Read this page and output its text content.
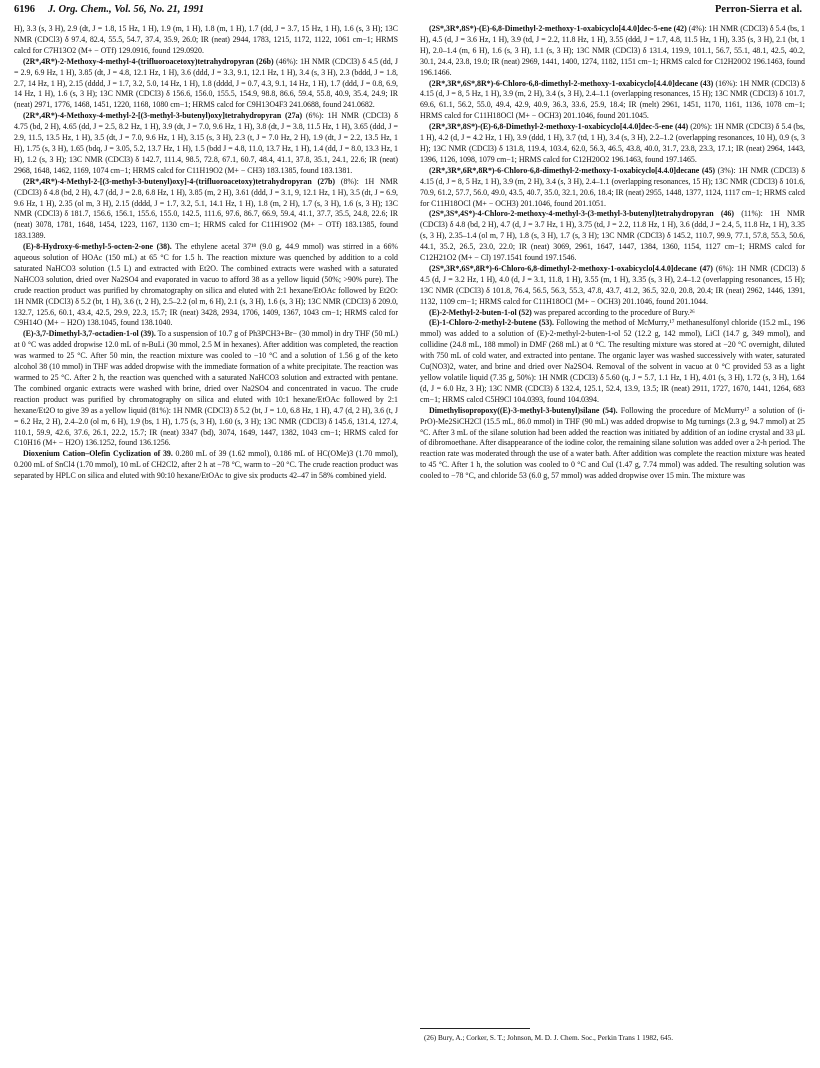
6196 J. Org. Chem., Vol. 56, No. 21, 1991	Perron-Sierra et al.

H), 3.3 (s, 3 H), 2.9 (dt, J = 1.8, 15 Hz, 1 H), 1.9 (m, 1 H), 1.8 (m, 1 H), 1.7 (dd, J = 3.7, 15 Hz, 1 H), 1.6 (s, 3 H); 13C NMR (CDCl3) δ 97.4, 82.4, 55.5, 54.7, 37.4, 35.9, 26.0; IR (neat) 2944, 1783, 1215, 1172, 1122, 1061 cm−1; HRMS calcd for C7H13O2 (M+ − OTf) 129.0916, found 129.0920.

(2R*,4R*)-2-Methoxy-4-methyl-4-(trifluoroacetoxy)tetrahydropyran (26b) (46%): 1H NMR (CDCl3) δ 4.5 (dd, J = 2.9, 6.9 Hz, 1 H), 3.85 (dt, J = 4.8, 12.1 Hz, 1 H), 3.6 (ddd, J = 3.3, 9.1, 12.1 Hz, 1 H), 3.4 (s, 3 H), 2.3 (bddd, J = 1.8, 2.7, 14 Hz, 1 H), 2.15 (dddd, J = 1.7, 3.2, 5.0, 14 Hz, 1 H), 1.8 (dddd, J = 0.7, 4.3, 9.1, 14 Hz, 1 H), 1.7 (ddd, J = 0.8, 6.9, 14 Hz, 1 H), 1.6 (s, 3 H); 13C NMR (CDCl3) δ 156.6, 156.0, 155.5, 154.9, 98.8, 86.6, 59.4, 55.8, 40.9, 35.4, 24.9; IR (neat) 2971, 1776, 1468, 1451, 1220, 1168, 1080 cm−1; HRMS calcd for C9H13O4F3 241.0688, found 241.0682.

(2R*,4R*)-4-Methoxy-4-methyl-2-[(3-methyl-3-butenyl)oxy]tetrahydropyran (27a) (6%): 1H NMR (CDCl3) δ 4.75 (bd, 2 H), 4.65 (dd, J = 2.5, 8.2 Hz, 1 H), 3.9 (dt, J = 7.0, 9.6 Hz, 1 H), 3.8 (dt, J = 3.8, 11.5 Hz, 1 H), 3.65 (ddd, J = 2.9, 11.5, 13.5 Hz, 1 H), 3.5 (dt, J = 7.0, 9.6 Hz, 1 H), 3.15 (s, 3 H), 2.3 (t, J = 7.0 Hz, 2 H), 1.9 (dt, J = 2.2, 13.5 Hz, 1 H), 1.75 (s, 3 H), 1.65 (bdq, J = 3.05, 5.2, 13.7 Hz, 1 H), 1.5 (bdd J = 4.8, 11.0, 13.7 Hz, 1 H), 1.4 (dd, J = 8.0, 13.3 Hz, 1 H), 1.2 (s, 3 H); 13C NMR (CDCl3) δ 142.7, 111.4, 98.5, 72.8, 67.1, 60.7, 48.4, 41.1, 37.8, 35.1, 24.1, 22.6; IR (neat) 2968, 1648, 1462, 1169, 1074 cm−1; HRMS calcd for C11H19O2 (M+ − CH3) 183.1385, found 183.1381.

(2R*,4R*)-4-Methyl-2-[(3-methyl-3-butenyl)oxy]-4-(trifluoroacetoxy)tetrahydropyran (27b) (8%): 1H NMR (CDCl3) δ 4.8 (bd, 2 H), 4.7 (dd, J = 2.8, 6.8 Hz, 1 H), 3.85 (m, 2 H), 3.61 (ddd, J = 3.1, 9, 12.1 Hz, 1 H), 3.5 (dt, J = 6.9, 9.6 Hz, 1 H), 2.35 (ol m, 3 H), 2.15 (dddd, J = 1.7, 3.2, 5.1, 14.1 Hz, 1 H), 1.8 (m, 2 H), 1.7 (s, 3 H), 1.6 (s, 3 H); 13C NMR (CDCl3) δ 181.7, 156.6, 156.1, 155.6, 155.0, 142.5, 111.6, 97.6, 86.7, 66.9, 59.4, 41.1, 37.7, 35.5, 24.8, 22.6; IR (neat) 3078, 1781, 1648, 1454, 1223, 1167, 1130 cm−1; HRMS calcd for C11H19O2 (M+ − OTf) 183.1385, found 183.1389.

(E)-8-Hydroxy-6-methyl-5-octen-2-one (38). The ethylene acetal 37¹⁸ (9.0 g, 44.9 mmol) was stirred in a 66% aqueous solution of HOAc (150 mL) at 65 °C for 1.5 h. The reaction mixture was quenched by addition to a cold saturated NaHCO3 solution (1.5 L) and extracted with Et2O. The combined extracts were washed with a saturated NaHCO3 solution, dried over Na2SO4 and evaporated in vacuo to afford 38 as a yellow liquid (50%; >90% pure). The crude reaction product was purified by chromatography on silica and eluted with 2:1 hexane/EtOAc followed by Et2O: 1H NMR (CDCl3) δ 5.2 (bt, 1 H), 3.6 (t, 2 H), 2.5–2.2 (ol m, 6 H), 2.1 (s, 3 H), 1.6 (s, 3 H); 13C NMR (CDCl3) δ 209.0, 132.7, 125.6, 60.1, 43.4, 42.5, 29.9, 22.3, 15.7; IR (neat) 3428, 2934, 1706, 1409, 1367, 1043 cm−1; HRMS calcd for C9H14O (M+ − H2O) 138.1045, found 138.1040.

(E)-3,7-Dimethyl-3,7-octadien-1-ol (39). To a suspension of 10.7 g of Ph3PCH3+Br− (30 mmol) in dry THF (50 mL) at 0 °C was added dropwise 12.0 mL of n-BuLi (30 mmol, 2.5 M in hexanes). After addition was completed, the reaction was warmed to 25 °C. After 50 min, the reaction mixture was cooled to −10 °C and a solution of 1.56 g of the keto alcohol 38 (10 mmol) in THF was added dropwise with the immediate formation of a white precipitate. The reaction was warmed to 25 °C. After 2 h, the reaction was quenched with a saturated NaHCO3 solution and extracted with pentane. The combined organic extracts were washed with brine, dried over Na2SO4 and concentrated in vacuo. The crude reaction product was purified by chromatography on silica and eluted with 10:1 hexane/EtOAc followed by 2:1 hexane/Et2O to give 39 as a yellow liquid (81%): 1H NMR (CDCl3) δ 5.2 (bt, J = 1.0, 6.8 Hz, 1 H), 4.7 (d, 2 H), 3.6 (t, J = 6.2 Hz, 2 H), 2.4–2.0 (ol m, 6 H), 1.9 (bs, 1 H), 1.75 (s, 3 H), 1.60 (s, 3 H); 13C NMR (CDCl3) δ 145.6, 131.4, 127.4, 110.1, 59.9, 42.6, 37.6, 26.1, 22.2, 15.7; IR (neat) 3347 (bd), 3074, 1649, 1447, 1382, 1043 cm−1; HRMS calcd for C10H16 (M+ − H2O) 136.1252, found 136.1256.

Dioxenium Cation–Olefin Cyclization of 39. 0.280 mL of 39 (1.62 mmol), 0.186 mL of HC(OMe)3 (1.70 mmol), 0.200 mL of SnCl4 (1.70 mmol), 10 mL of CH2Cl2, after 2 h at −78 °C, warm to −20 °C. The crude reaction product was separated by HPLC on silica and eluted with 90:10 hexane/EtOAc to give six products 42–47 in 58% combined yield.

(2S*,3R*,8S*)-(E)-6,8-Dimethyl-2-methoxy-1-oxabicyclo[4.4.0]dec-5-ene (42) (4%): 1H NMR (CDCl3) δ 5.4 (bs, 1 H), 4.5 (d, J = 3.6 Hz, 1 H), 3.9 (td, J = 2.2, 11.8 Hz, 1 H), 3.55 (ddd, J = 1.7, 4.8, 11.5 Hz, 1 H), 3.35 (s, 3 H), 2.1 (bt, 1 H), 2.0–1.4 (m, 6 H), 1.6 (s, 3 H), 1.1 (s, 3 H); 13C NMR (CDCl3) δ 131.4, 119.9, 101.1, 56.7, 55.1, 48.1, 42.5, 40.2, 30.1, 24.4, 23.8, 19.0; IR (neat) 2969, 1441, 1400, 1274, 1182, 1151 cm−1; HRMS calcd for C12H20O2 196.1463, found 196.1466.

(2R*,3R*,6S*,8R*)-6-Chloro-6,8-dimethyl-2-methoxy-1-oxabicyclo[4.4.0]decane (43) (16%): 1H NMR (CDCl3) δ 4.15 (d, J = 8, 5 Hz, 1 H), 3.9 (m, 2 H), 3.4 (s, 3 H), 2.4–1.1 (overlapping resonances, 15 H); 13C NMR (CDCl3) δ 101.7, 69.6, 61.1, 56.2, 55.0, 49.4, 42.9, 40.9, 36.3, 33.6, 25.9, 18.4; IR (melt) 2961, 1451, 1170, 1161, 1136, 1078 cm−1; HRMS calcd for C11H18OCl (M+ − OCH3) 201.1046, found 201.1045.

(2R*,3R*,8S*)-(E)-6,8-Dimethyl-2-methoxy-1-oxabicyclo[4.4.0]dec-5-ene (44) (20%): 1H NMR (CDCl3) δ 5.4 (bs, 1 H), 4.2 (d, J = 4.2 Hz, 1 H), 3.9 (ddd, 1 H), 3.7 (td, 1 H), 3.4 (s, 3 H), 2.2–1.2 (overlapping resonances, 10 H), 0.9 (s, 3 H); 13C NMR (CDCl3) δ 131.8, 119.4, 103.4, 62.0, 56.3, 46.5, 43.8, 40.0, 31.7, 23.8, 23.3, 17.1; IR (neat) 2964, 1443, 1396, 1126, 1098, 1079 cm−1; HRMS calcd for C12H20O2 196.1463, found 197.1465.

(2R*,3R*,6R*,8R*)-6-Chloro-6,8-dimethyl-2-methoxy-1-oxabicyclo[4.4.0]decane (45) (3%): 1H NMR (CDCl3) δ 4.15 (d, J = 8, 5 Hz, 1 H), 3.9 (m, 2 H), 3.4 (s, 3 H), 2.4–1.1 (overlapping resonances, 15 H); 13C NMR (CDCl3) δ 101.6, 70.9, 61.2, 57.7, 56.0, 49.0, 43.5, 40.7, 35.0, 32.1, 20.6, 18.4; IR (neat) 2955, 1448, 1377, 1124, 1117 cm−1; HRMS calcd for C11H18OCl (M+ − OCH3) 201.1046, found 201.1051.

(2S*,3S*,4S*)-4-Chloro-2-methoxy-4-methyl-3-(3-methyl-3-butenyl)tetrahydropyran (46) (11%): 1H NMR (CDCl3) δ 4.8 (bd, 2 H), 4.7 (d, J = 3.7 Hz, 1 H), 3.75 (td, J = 2.2, 11.8 Hz, 1 H), 3.6 (ddd, J = 2.4, 5, 11.8 Hz, 1 H), 3.35 (s, 3 H), 2.35–1.4 (ol m, 7 H), 1.8 (s, 3 H), 1.7 (s, 3 H); 13C NMR (CDCl3) δ 145.2, 110.7, 99.9, 77.1, 57.8, 55.3, 50.6, 44.1, 35.2, 26.5, 23.0, 22.0; IR (neat) 3069, 2961, 1647, 1447, 1384, 1360, 1154, 1127 cm−1; HRMS calcd for C12H21O2 (M+ − Cl) 197.1541 found 197.1546.

(2S*,3R*,6S*,8R*)-6-Chloro-6,8-dimethyl-2-methoxy-1-oxabicyclo[4.4.0]decane (47) (6%): 1H NMR (CDCl3) δ 4.5 (d, J = 3.2 Hz, 1 H), 4.0 (d, J = 3.1, 11.8, 1 H), 3.55 (m, 1 H), 3.35 (s, 3 H), 2.4–1.2 (overlapping resonances, 15 H); 13C NMR (CDCl3) δ 101.8, 76.4, 56.5, 56.3, 55.3, 47.8, 43.7, 41.2, 36.5, 32.0, 20.8, 20.4; IR (neat) 2962, 1446, 1391, 1132, 1109 cm−1; HRMS calcd for C11H18OCl (M+ − OCH3) 201.1046, found 201.1044.

(E)-2-Methyl-2-buten-1-ol (52) was prepared according to the procedure of Bury.²⁶

(E)-1-Chloro-2-methyl-2-butene (53). Following the method of McMurry,¹⁷ methanesulfonyl chloride (15.2 mL, 196 mmol) was added to a solution of (E)-2-methyl-2-buten-1-ol 52 (12.2 g, 142 mmol), LiCl (14.7 g, 349 mmol), and collidine (24.8 mL, 188 mmol) in DMF (268 mL) at 0 °C. The resulting mixture was stored at −20 °C overnight, diluted with 750 mL of cold water, and extracted into pentane. The organic layer was washed successively with water, saturated Cu(NO3)2, water, and brine and dried over Na2SO4. Removal of the solvent in vacuo at 0 °C provided 53 as a light yellow volatile liquid (7.35 g, 50%): 1H NMR (CDCl3) δ 5.60 (q, J = 5.7, 1.1 Hz, 1 H), 4.01 (s, 3 H), 1.72 (s, 3 H), 1.64 (d, J = 6.0 Hz, 3 H); 13C NMR (CDCl3) δ 132.4, 125.1, 52.4, 13.9, 13.5; IR (neat) 2911, 1727, 1670, 1441, 1264, 683 cm−1; HRMS calcd C5H9Cl 104.0393, found 104.0394.

Dimethylisopropoxy((E)-3-methyl-3-butenyl)silane (54). Following the procedure of McMurry¹⁷ a solution of (i-PrO)-Me2SiCH2Cl (15.5 mL, 86.0 mmol) in THF (90 mL) was added dropwise to Mg turnings (2.3 g, 94.7 mmol) at 25 °C. After 3 mL of the silane solution had been added the reaction was initiated by addition of an iodine crystal and 33 μL of dibromoethane. After disappearance of the iodine color, the remaining silane solution was added over a 2-h period. The reaction rate was moderated through the use of a water bath. After addition was complete the reaction mixture was heated to 45 °C. After 1 h, the solution was cooled to 0 °C and CuI (1.47 g, 7.74 mmol) was added. The resulting solution was cooled to −78 °C, and chloride 53 (6.0 g, 57 mmol) was added dropwise over 15 min. The mixture was

(26) Bury, A.; Corker, S. T.; Johnson, M. D. J. Chem. Soc., Perkin Trans 1 1982, 645.
